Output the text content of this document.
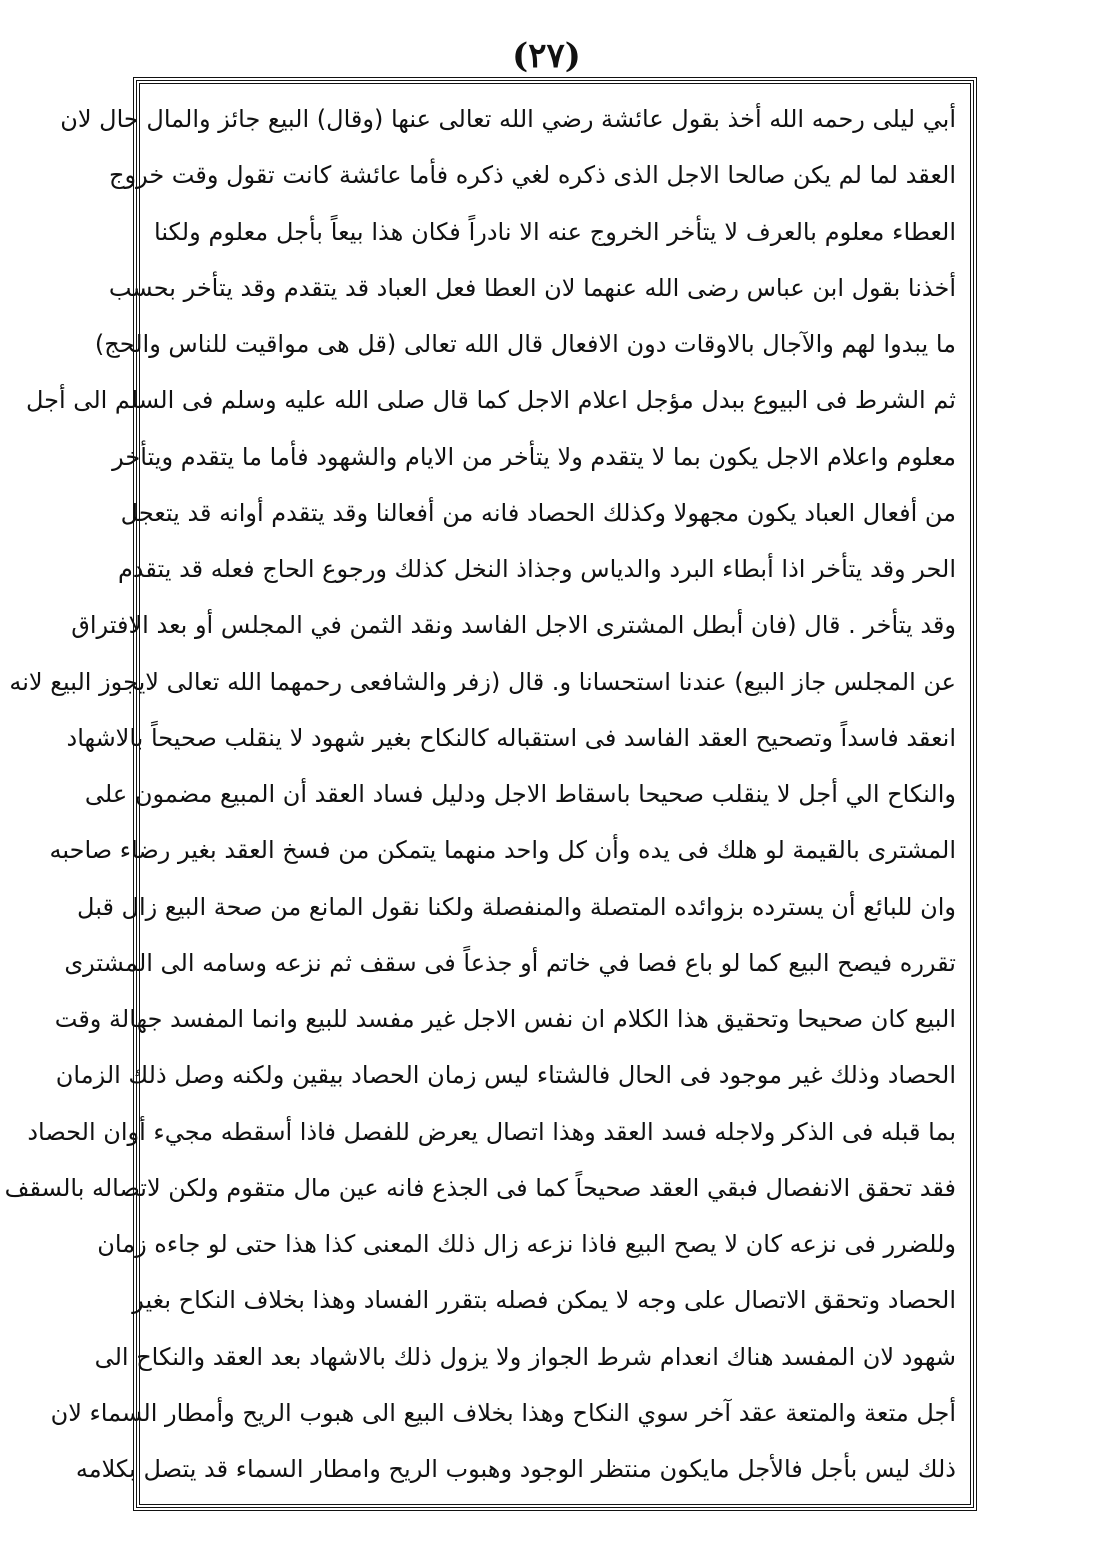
(٢٧)
أبي ليلى رحمه الله أخذ بقول عائشة رضي الله تعالى عنها (وقال) البيع جائز والمال حال لان
العقد لما لم يكن صالحا الاجل الذى ذكره لغي ذكره فأما عائشة كانت تقول وقت خروج
العطاء معلوم بالعرف لا يتأخر الخروج عنه الا نادراً فكان هذا بيعاً بأجل معلوم ولكنا
أخذنا بقول ابن عباس رضى الله عنهما لان العطا فعل العباد قد يتقدم وقد يتأخر بحسب
ما يبدوا لهم والآجال بالاوقات دون الافعال قال الله تعالى (قل هى مواقيت للناس والحج)
ثم الشرط فى البيوع ببدل مؤجل اعلام الاجل كما قال صلى الله عليه وسلم فى السلم الى أجل
معلوم واعلام الاجل يكون بما لا يتقدم ولا يتأخر من الايام والشهود فأما ما يتقدم ويتأخر
من أفعال العباد يكون مجهولا وكذلك الحصاد فانه من أفعالنا وقد يتقدم أوانه قد يتعجل
الحر وقد يتأخر اذا أبطاء البرد والدياس وجذاذ النخل كذلك ورجوع الحاج فعله قد يتقدم
وقد يتأخر . قال (فان أبطل المشترى الاجل الفاسد ونقد الثمن في المجلس أو بعد الافتراق
عن المجلس جاز البيع) عندنا استحسانا و. قال (زفر والشافعى رحمهما الله تعالى لايجوز البيع لانه
انعقد فاسداً وتصحيح العقد الفاسد فى استقباله كالنكاح بغير شهود لا ينقلب صحيحاً بالاشهاد
والنكاح الي أجل لا ينقلب صحيحا باسقاط الاجل ودليل فساد العقد أن المبيع مضمون على
المشترى بالقيمة لو هلك فى يده وأن كل واحد منهما يتمكن من فسخ العقد بغير رضاء صاحبه
وان للبائع أن يسترده بزوائده المتصلة والمنفصلة ولكنا نقول المانع من صحة البيع زال قبل
تقرره فيصح البيع كما لو باع فصا في خاتم أو جذعاً فى سقف ثم نزعه وسامه الى المشترى
البيع كان صحيحا وتحقيق هذا الكلام ان نفس الاجل غير مفسد للبيع وانما المفسد جهالة وقت
الحصاد وذلك غير موجود فى الحال فالشتاء ليس زمان الحصاد بيقين ولكنه وصل ذلك الزمان
بما قبله فى الذكر ولاجله فسد العقد وهذا اتصال يعرض للفصل فاذا أسقطه مجيء أوان الحصاد
فقد تحقق الانفصال فبقي العقد صحيحاً كما فى الجذع فانه عين مال متقوم ولكن لاتصاله بالسقف
وللضرر فى نزعه كان لا يصح البيع فاذا نزعه زال ذلك المعنى كذا هذا حتى لو جاءه زمان
الحصاد وتحقق الاتصال على وجه لا يمكن فصله بتقرر الفساد وهذا بخلاف النكاح بغير
شهود لان المفسد هناك انعدام شرط الجواز ولا يزول ذلك بالاشهاد بعد العقد والنكاح الى
أجل متعة والمتعة عقد آخر سوي النكاح وهذا بخلاف البيع الى هبوب الريح وأمطار السماء لان
ذلك ليس بأجل فالأجل مايكون منتظر الوجود وهبوب الريح وامطار السماء قد يتصل بكلامه
